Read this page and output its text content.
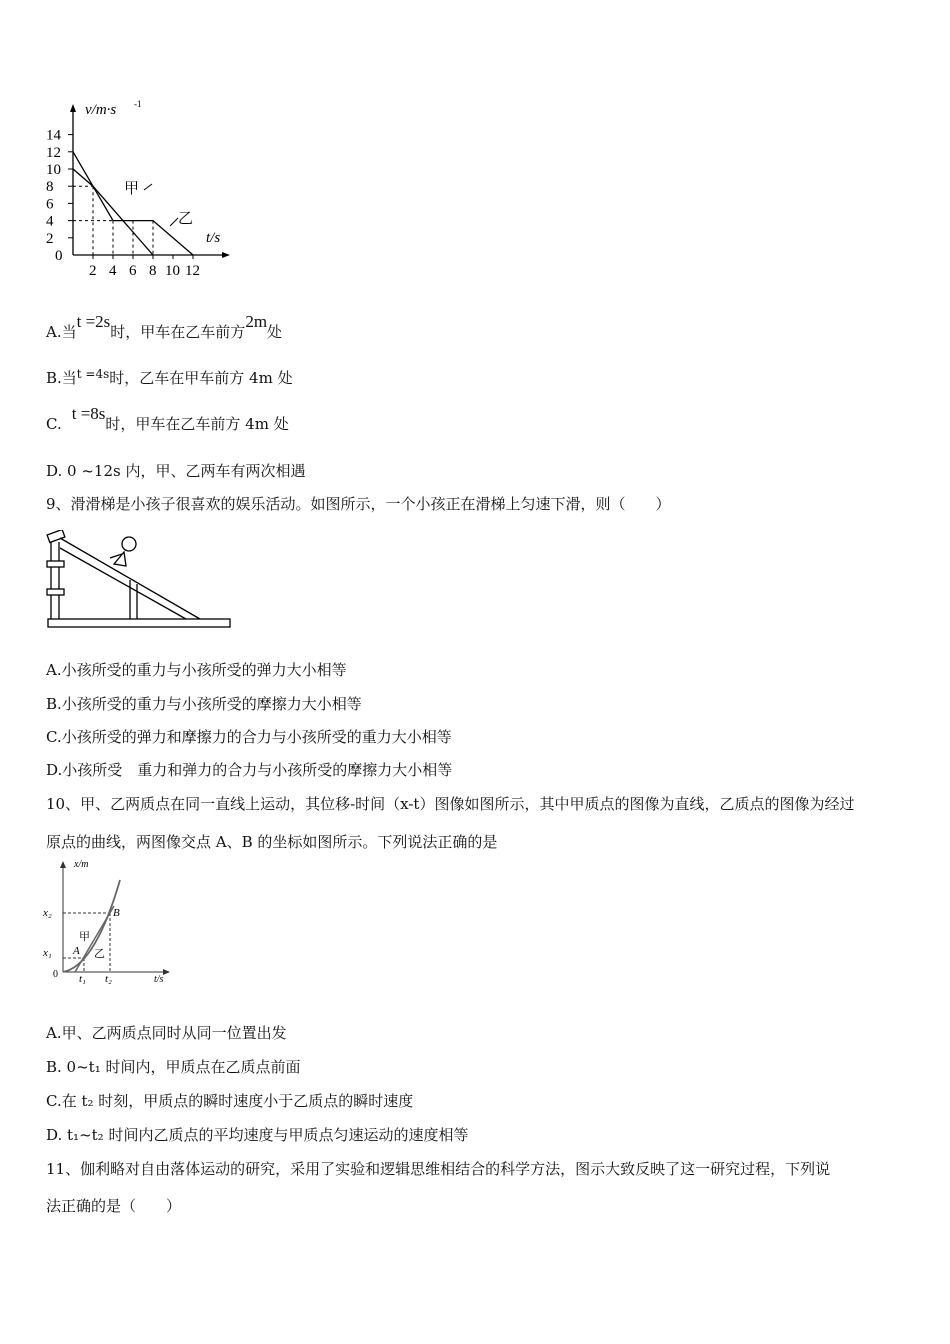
0
2
4
6
8
10
12
14
2 4 6 8 10 12
v/m·s -1
t/s
甲
乙
A.当t =2s时，甲车在乙车前方2m处
B.当$^{t =4s}$时，乙车在甲车前方 4m 处
C.t =8s时，甲车在乙车前方 4m 处
D. 0 ~12s 内，甲、乙两车有两次相遇
9、滑滑梯是小孩子很喜欢的娱乐活动。如图所示，一个小孩正在滑梯上匀速下滑，则（　　）
A.小孩所受的重力与小孩所受的弹力大小相等
B.小孩所受的重力与小孩所受的摩擦力大小相等
C.小孩所受的弹力和摩擦力的合力与小孩所受的重力大小相等
D.小孩所受　重力和弹力的合力与小孩所受的摩擦力大小相等
10、甲、乙两质点在同一直线上运动，其位移-时间（x-t）图像如图所示，其中甲质点的图像为直线，乙质点的图像为经过
原点的曲线，两图像交点 A、B 的坐标如图所示。下列说法正确的是
x/m
t/s
x₂
x₁
0 t₁ t₂
A
B
甲
乙
A.甲、乙两质点同时从同一位置出发
B. 0~t₁ 时间内，甲质点在乙质点前面
C.在 t₂ 时刻，甲质点的瞬时速度小于乙质点的瞬时速度
D. t₁~t₂ 时间内乙质点的平均速度与甲质点匀速运动的速度相等
11、伽利略对自由落体运动的研究，采用了实验和逻辑思维相结合的科学方法，图示大致反映了这一研究过程，下列说
法正确的是（　　）
